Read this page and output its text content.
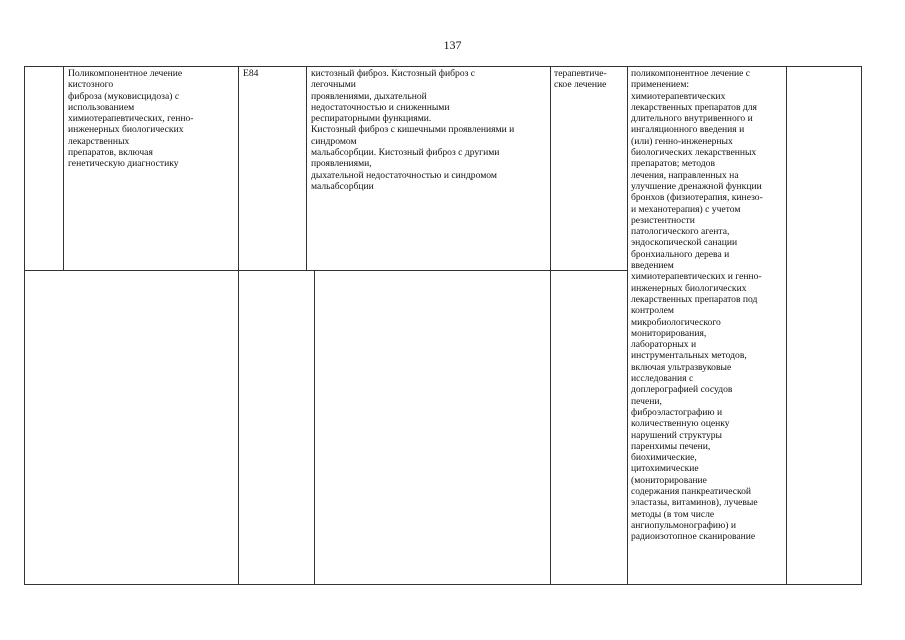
137
Поликомпонентное лечение
кистозного
фиброза (муковисцидоза) с
использованием
химиотерапевтических, генно-
инженерных биологических
лекарственных
препаратов, включая
генетическую диагностику
E84	кистозный фиброз. Кистозный фиброз с
легочными
проявлениями, дыхательной
недостаточностью и сниженными
респираторными функциями.
Кистозный фиброз с кишечными проявлениями и
синдромом
мальабсорбции. Кистозный фиброз с другими
проявлениями,
дыхательной недостаточностью и синдромом
мальабсорбции
терапевтиче-
ское лечение
поликомпонентное лечение с
применением:
химиотерапевтических
лекарственных препаратов для
длительного внутривенного и
ингаляционного введения и
(или) генно-инженерных
биологических лекарственных
препаратов; методов
лечения, направленных на
улучшение дренажной функции
бронхов (физиотерапия, кинезо-
и механотерапия) с учетом
резистентности
патологического агента,
эндоскопической санации
бронхиального дерева и
введением
химиотерапевтических и генно-
инженерных биологических
лекарственных препаратов под
контролем
микробиологического
мониторирования,
лабораторных и
инструментальных методов,
включая ультразвуковые
исследования с
доплерографией сосудов
печени,
фиброэластографию и
количественную оценку
нарушений структуры
паренхимы печени,
биохимические,
цитохимические
(мониторирование
содержания панкреатической
эластазы, витаминов), лучевые
методы (в том числе
ангиопульмонографию) и
радиоизотопное сканирование
